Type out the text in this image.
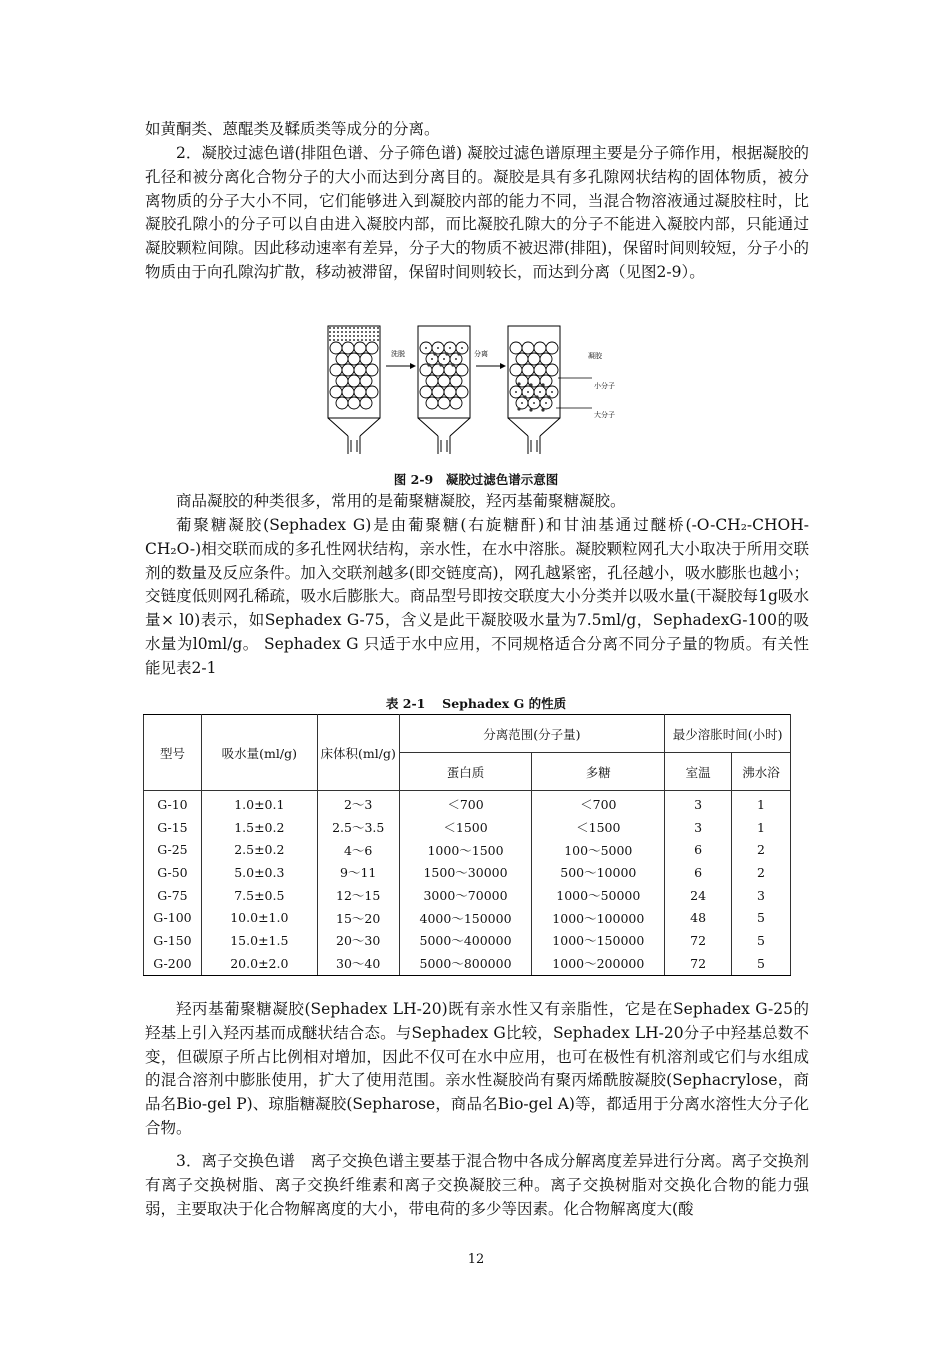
如黄酮类、蒽醌类及鞣质类等成分的分离。

2．凝胶过滤色谱(排阻色谱、分子筛色谱) 凝胶过滤色谱原理主要是分子筛作用，根据凝胶的孔径和被分离化合物分子的大小而达到分离目的。凝胶是具有多孔隙网状结构的固体物质，被分离物质的分子大小不同，它们能够进入到凝胶内部的能力不同，当混合物溶液通过凝胶柱时，比凝胶孔隙小的分子可以自由进入凝胶内部，而比凝胶孔隙大的分子不能进入凝胶内部，只能通过凝胶颗粒间隙。因此移动速率有差异，分子大的物质不被迟滞(排阻)，保留时间则较短，分子小的物质由于向孔隙沟扩散，移动被滞留，保留时间则较长，而达到分离（见图2-9）。

洗脱	分离	凝胶
小分子
大分子
图 2-9　凝胶过滤色谱示意图

商品凝胶的种类很多，常用的是葡聚糖凝胶，羟丙基葡聚糖凝胶。

葡聚糖凝胶(Sephadex G)是由葡聚糖(右旋糖酐)和甘油基通过醚桥(-O-CH₂-CHOH-CH₂O-)相交联而成的多孔性网状结构，亲水性，在水中溶胀。凝胶颗粒网孔大小取决于所用交联剂的数量及反应条件。加入交联剂越多(即交链度高)，网孔越紧密，孔径越小，吸水膨胀也越小；交链度低则网孔稀疏，吸水后膨胀大。商品型号即按交联度大小分类并以吸水量(干凝胶每1g吸水量× l0)表示，如Sephadex G-75，含义是此干凝胶吸水量为7.5ml/g，SephadexG-100的吸水量为l0ml/g。 Sephadex G 只适于水中应用，不同规格适合分离不同分子量的物质。有关性能见表2-1

表 2-1　 Sephadex G 的性质
型号	吸水量(ml/g)	床体积(ml/g)	分离范围(分子量)		最少溶胀时间(小时)	
			蛋白质	多糖	室温	沸水浴
G-10	1.0±0.1	2～3	＜700	＜700	3	1
G-15	1.5±0.2	2.5～3.5	＜1500	＜1500	3	1
G-25	2.5±0.2	4～6	1000～1500	100～5000	6	2
G-50	5.0±0.3	9～11	1500～30000	500～10000	6	2
G-75	7.5±0.5	12～15	3000～70000	1000～50000	24	3
G-100	10.0±1.0	15～20	4000～150000	1000～100000	48	5
G-150	15.0±1.5	20～30	5000～400000	1000～150000	72	5
G-200	20.0±2.0	30～40	5000～800000	1000～200000	72	5

羟丙基葡聚糖凝胶(Sephadex LH-20)既有亲水性又有亲脂性，它是在Sephadex G-25的羟基上引入羟丙基而成醚状结合态。与Sephadex G比较，Sephadex LH-20分子中羟基总数不变，但碳原子所占比例相对增加，因此不仅可在水中应用，也可在极性有机溶剂或它们与水组成的混合溶剂中膨胀使用，扩大了使用范围。亲水性凝胶尚有聚丙烯酰胺凝胶(Sephacrylose，商品名Bio-gel P)、琼脂糖凝胶(Sepharose，商品名Bio-gel A)等，都适用于分离水溶性大分子化合物。

3．离子交换色谱　离子交换色谱主要基于混合物中各成分解离度差异进行分离。离子交换剂有离子交换树脂、离子交换纤维素和离子交换凝胶三种。离子交换树脂对交换化合物的能力强弱，主要取决于化合物解离度的大小，带电荷的多少等因素。化合物解离度大(酸

12
